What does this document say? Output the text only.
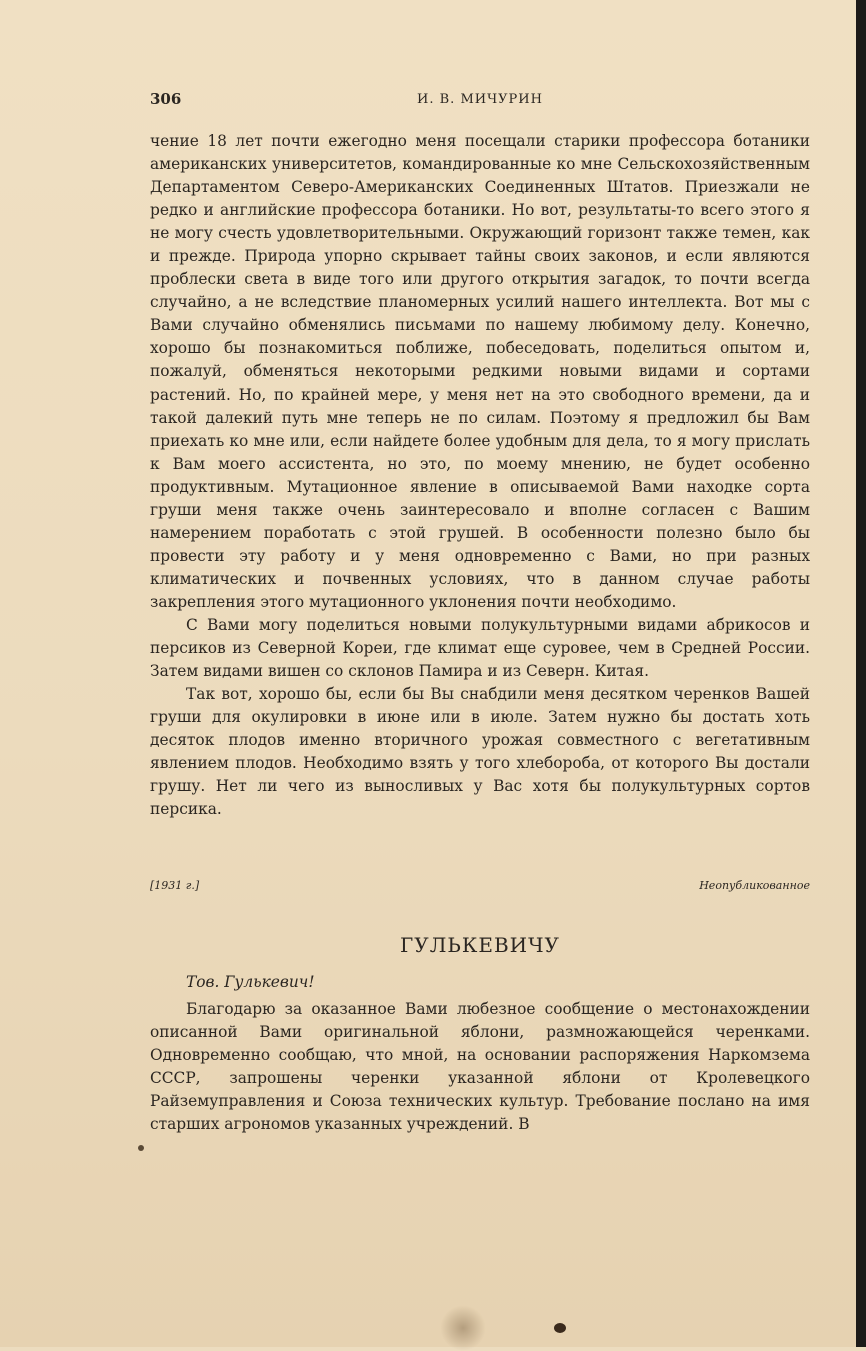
306	И. В. МИЧУРИН

чение 18 лет почти ежегодно меня посещали старики профессора ботаники американских университетов, командированные ко мне Сельскохозяйственным Департаментом Северо-Американских Соединенных Штатов. Приезжали не редко и английские профессора ботаники. Но вот, результаты-то всего этого я не могу счесть удовлетворительными. Окружающий горизонт также темен, как и прежде. Природа упорно скрывает тайны своих законов, и если являются проблески света в виде того или другого открытия загадок, то почти всегда случайно, а не вследствие планомерных усилий нашего интеллекта. Вот мы с Вами случайно обменялись письмами по нашему любимому делу. Конечно, хорошо бы познакомиться поближе, побеседовать, поделиться опытом и, пожалуй, обменяться некоторыми редкими новыми видами и сортами растений. Но, по крайней мере, у меня нет на это свободного времени, да и такой далекий путь мне теперь не по силам. Поэтому я предложил бы Вам приехать ко мне или, если найдете более удобным для дела, то я могу прислать к Вам моего ассистента, но это, по моему мнению, не будет особенно продуктивным. Мутационное явление в описываемой Вами находке сорта груши меня также очень заинтересовало и вполне согласен с Вашим намерением поработать с этой грушей. В особенности полезно было бы провести эту работу и у меня одновременно с Вами, но при разных климатических и почвенных условиях, что в данном случае работы закрепления этого мутационного уклонения почти необходимо.

С Вами могу поделиться новыми полукультурными видами абрикосов и персиков из Северной Кореи, где климат еще суровее, чем в Средней России. Затем видами вишен со склонов Памира и из Северн. Китая.

Так вот, хорошо бы, если бы Вы снабдили меня десятком черенков Вашей груши для окулировки в июне или в июле. Затем нужно бы достать хоть десяток плодов именно вторичного урожая совместного с вегетативным явлением плодов. Необходимо взять у того хлебороба, от которого Вы достали грушу. Нет ли чего из выносливых у Вас хотя бы полукультурных сортов персика.

[1931 г.]	Неопубликованное
ГУЛЬКЕВИЧУ
Тов. Гулькевич!
Благодарю за оказанное Вами любезное сообщение о местонахождении описанной Вами оригинальной яблони, размножающейся черенками. Одновременно сообщаю, что мной, на основании распоряжения Наркомзема СССР, запрошены черенки указанной яблони от Кролевецкого Райземуправления и Союза технических культур. Требование послано на имя старших агрономов указанных учреждений. В
